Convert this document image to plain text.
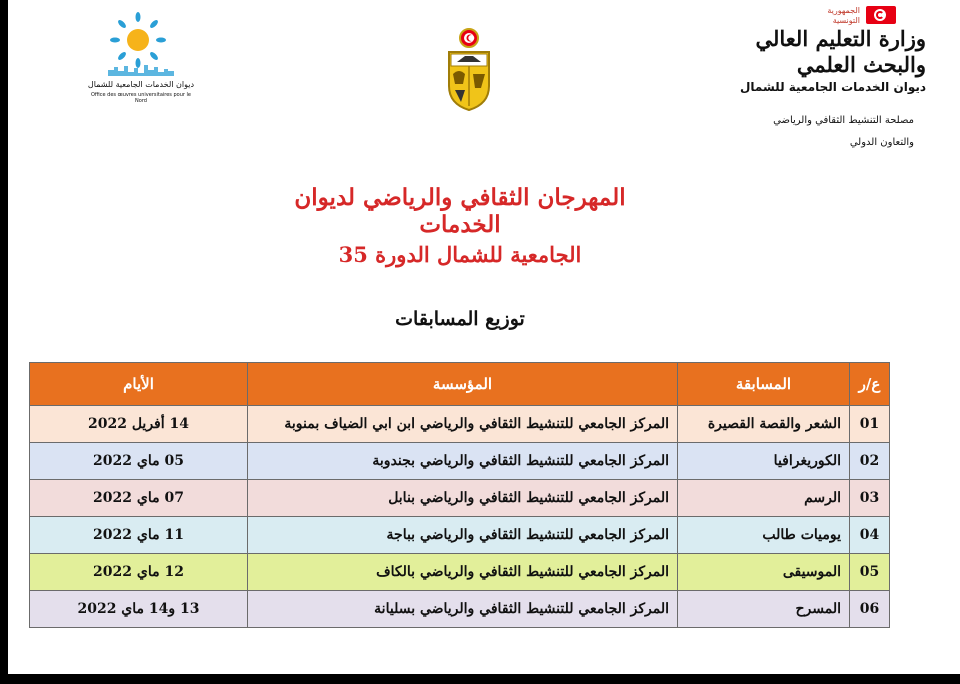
ديوان الخدمات الجامعية للشمال
Office des œuvres universitaires pour le Nord
الجمهورية التونسية
وزارة التعليم العالي
والبحث العلمي
ديوان الخدمات الجامعية للشمال
مصلحة التنشيط الثقافي والرياضي
والتعاون الدولي
المهرجان الثقافي والرياضي لديوان الخدمات
الجامعية للشمال الدورة 35
توزيع المسابقات
ع/ر	المسابقة	المؤسسة	الأيام
01	الشعر والقصة القصيرة	المركز الجامعي للتنشيط الثقافي والرياضي ابن ابي الضياف بمنوبة	14 أفريل 2022
02	الكوريغرافيا	المركز الجامعي للتنشيط الثقافي والرياضي بجندوبة	05 ماي 2022
03	الرسم	المركز الجامعي للتنشيط الثقافي والرياضي بنابل	07 ماي 2022
04	يوميات طالب	المركز الجامعي للتنشيط الثقافي والرياضي بباجة	11 ماي 2022
05	الموسيقى	المركز الجامعي للتنشيط الثقافي والرياضي بالكاف	12 ماي 2022
06	المسرح	المركز الجامعي للتنشيط الثقافي والرياضي بسليانة	13 و14 ماي 2022
